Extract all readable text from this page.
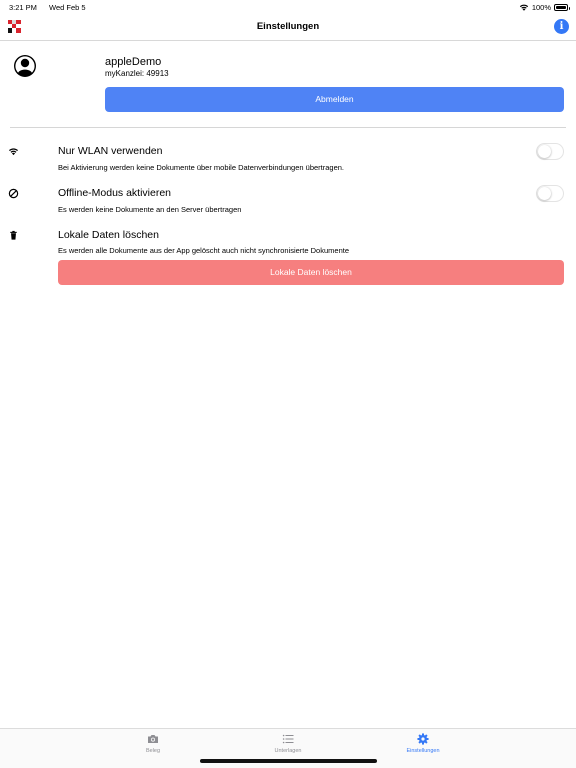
3:21 PM Wed Feb 5	100%
Einstellungen	i
appleDemo
myKanzlei: 49913
Abmelden
Nur WLAN verwenden
Bei Aktivierung werden keine Dokumente über mobile Datenverbindungen übertragen.
Offline-Modus aktivieren
Es werden keine Dokumente an den Server übertragen
Lokale Daten löschen
Es werden alle Dokumente aus der App gelöscht auch nicht synchronisierte Dokumente
Lokale Daten löschen
Beleg	Unterlagen	Einstellungen
